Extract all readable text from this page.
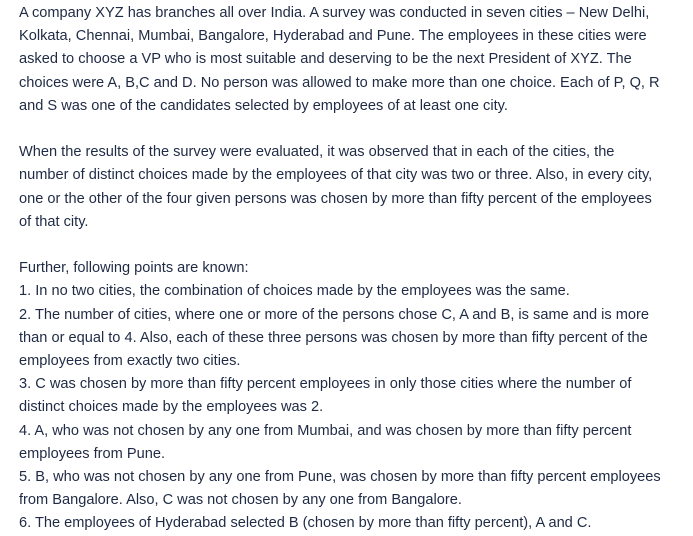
A company XYZ has branches all over India. A survey was conducted in seven cities – New Delhi,
Kolkata, Chennai, Mumbai, Bangalore, Hyderabad and Pune. The employees in these cities were
asked to choose a VP who is most suitable and deserving to be the next President of XYZ. The
choices were A, B,C and D. No person was allowed to make more than one choice. Each of P, Q, R
and S was one of the candidates selected by employees of at least one city.

When the results of the survey were evaluated, it was observed that in each of the cities, the
number of distinct choices made by the employees of that city was two or three. Also, in every city,
one or the other of the four given persons was chosen by more than fifty percent of the employees
of that city.

Further, following points are known:
1. In no two cities, the combination of choices made by the employees was the same.
2. The number of cities, where one or more of the persons chose C, A and B, is same and is more
than or equal to 4. Also, each of these three persons was chosen by more than fifty percent of the
employees from exactly two cities.
3. C was chosen by more than fifty percent employees in only those cities where the number of
distinct choices made by the employees was 2.
4. A, who was not chosen by any one from Mumbai, and was chosen by more than fifty percent
employees from Pune.
5. B, who was not chosen by any one from Pune, was chosen by more than fifty percent employees
from Bangalore. Also, C was not chosen by any one from Bangalore.
6. The employees of Hyderabad selected B (chosen by more than fifty percent), A and C.
